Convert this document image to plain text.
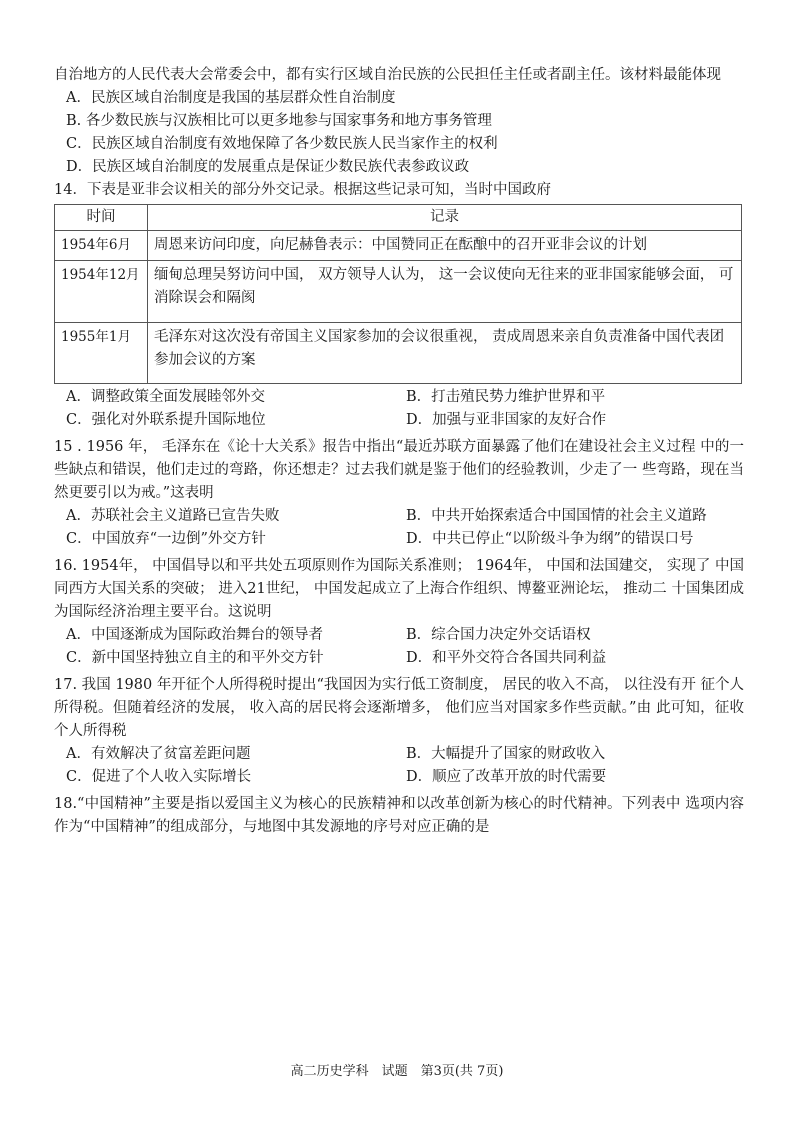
自治地方的人民代表大会常委会中，都有实行区域自治民族的公民担任主任或者副主任。该材料最能体现

A．民族区域自治制度是我国的基层群众性自治制度

B. 各少数民族与汉族相比可以更多地参与国家事务和地方事务管理

C．民族区域自治制度有效地保障了各少数民族人民当家作主的权利

D．民族区域自治制度的发展重点是保证少数民族代表参政议政

14．下表是亚非会议相关的部分外交记录。根据这些记录可知，当时中国政府

时间	记录
1954年6月	周恩来访问印度，向尼赫鲁表示：中国赞同正在酝酿中的召开亚非会议的计划
1954年12月	缅甸总理吴努访问中国， 双方领导人认为， 这一会议使向无往来的亚非国家能够会面， 可消除误会和隔阂
1955年1月	毛泽东对这次没有帝国主义国家参加的会议很重视， 责成周恩来亲自负责准备中国代表团参加会议的方案
A．调整政策全面发展睦邻外交	B．打击殖民势力维护世界和平
C．强化对外联系提升国际地位	D．加强与亚非国家的友好合作

15 . 1956 年， 毛泽东在《论十大关系》报告中指出“最近苏联方面暴露了他们在建设社会主义过程 中的一些缺点和错误，他们走过的弯路，你还想走？过去我们就是鉴于他们的经验教训，少走了一 些弯路，现在当然更要引以为戒。”这表明

A．苏联社会主义道路已宣告失败	B．中共开始探索适合中国国情的社会主义道路
C．中国放弃“一边倒”外交方针	D．中共已停止“以阶级斗争为纲”的错误口号

16. 1954年， 中国倡导以和平共处五项原则作为国际关系准则； 1964年， 中国和法国建交， 实现了 中国同西方大国关系的突破； 进入21世纪， 中国发起成立了上海合作组织、博鳌亚洲论坛， 推动二 十国集团成为国际经济治理主要平台。这说明

A．中国逐渐成为国际政治舞台的领导者	B．综合国力决定外交话语权
C．新中国坚持独立自主的和平外交方针	D．和平外交符合各国共同利益

17. 我国 1980 年开征个人所得税时提出“我国因为实行低工资制度， 居民的收入不高， 以往没有开 征个人所得税。但随着经济的发展， 收入高的居民将会逐渐增多， 他们应当对国家多作些贡献。”由 此可知，征收个人所得税

A．有效解决了贫富差距问题	B．大幅提升了国家的财政收入
C．促进了个人收入实际增长	D．顺应了改革开放的时代需要

18.“中国精神”主要是指以爱国主义为核心的民族精神和以改革创新为核心的时代精神。下列表中 选项内容作为“中国精神”的组成部分，与地图中其发源地的序号对应正确的是

高二历史学科　试题　第3页(共 7页)
